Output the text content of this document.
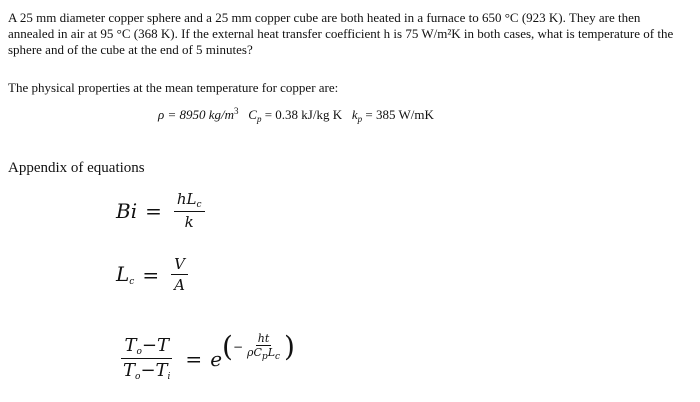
A 25 mm diameter copper sphere and a 25 mm copper cube are both heated in a furnace to 650 °C (923 K). They are then annealed in air at 95 °C (368 K). If the external heat transfer coefficient h is 75 W/m²K in both cases, what is temperature of the sphere and of the cube at the end of 5 minutes?
The physical properties at the mean temperature for copper are:
ρ = 8950 $kg/m^3$ $C_p = 0.38$ kJ/kg K $k_p = 385$ W/mK
Appendix of equations
$Bi = \frac{hL_c}{k}$
$L_c = \frac{V}{A}$
$\frac{T_o-T}{T_o-T_i} = e$ ( − $\frac{ht}{\rho C_pL_c}$ )
